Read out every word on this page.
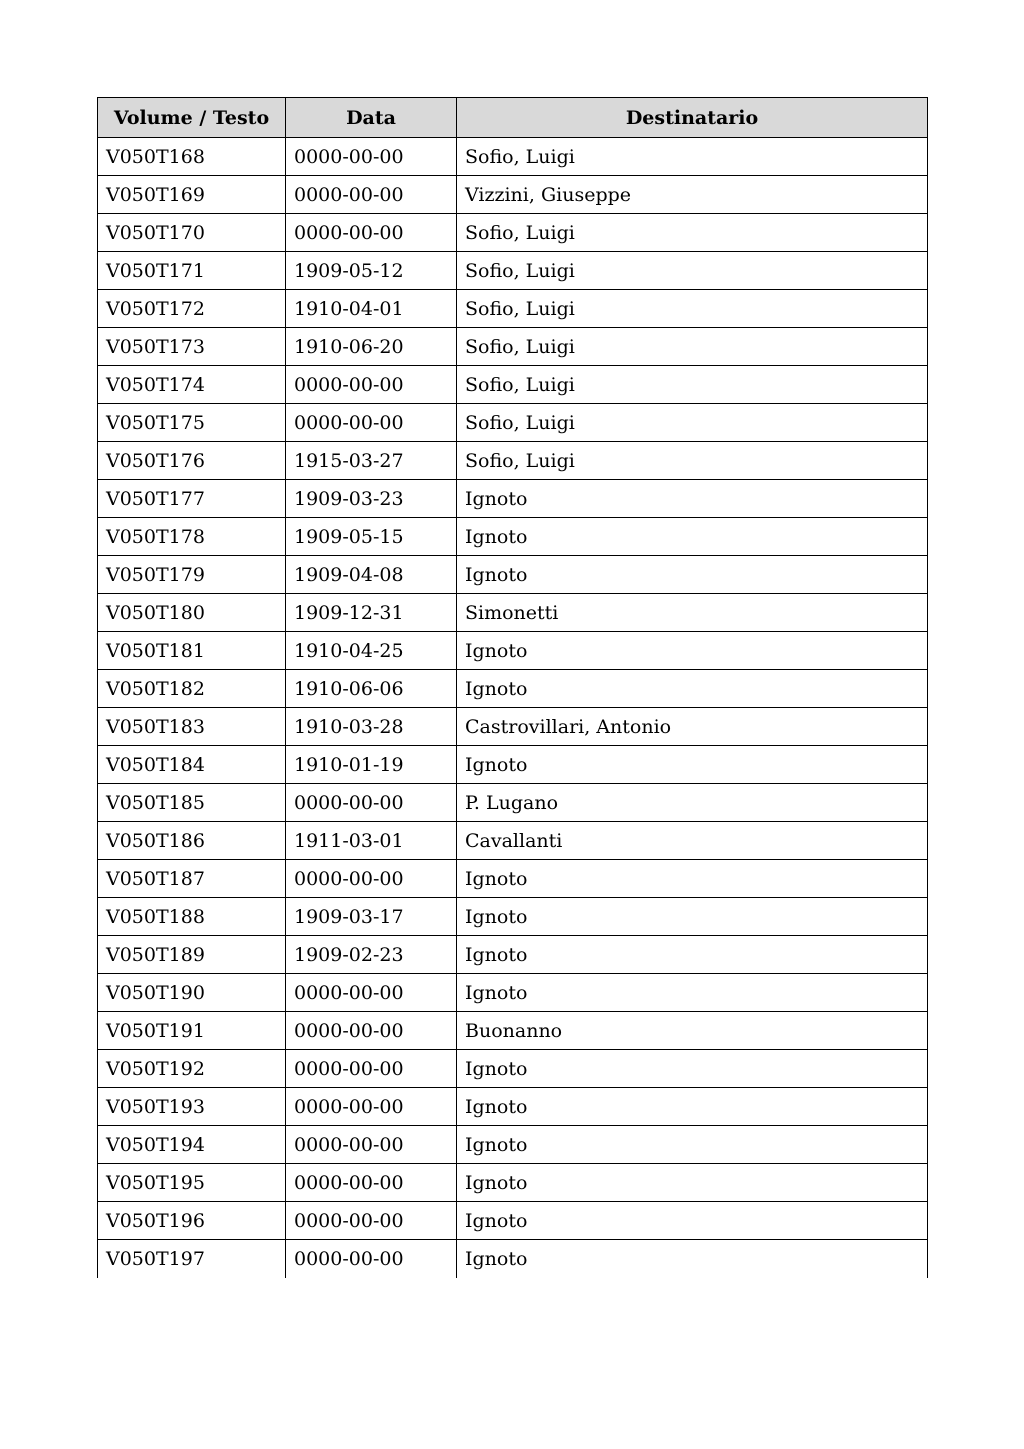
Volume / Testo	Data	Destinatario
V050T168	0000-00-00	Sofio, Luigi
V050T169	0000-00-00	Vizzini, Giuseppe
V050T170	0000-00-00	Sofio, Luigi
V050T171	1909-05-12	Sofio, Luigi
V050T172	1910-04-01	Sofio, Luigi
V050T173	1910-06-20	Sofio, Luigi
V050T174	0000-00-00	Sofio, Luigi
V050T175	0000-00-00	Sofio, Luigi
V050T176	1915-03-27	Sofio, Luigi
V050T177	1909-03-23	Ignoto
V050T178	1909-05-15	Ignoto
V050T179	1909-04-08	Ignoto
V050T180	1909-12-31	Simonetti
V050T181	1910-04-25	Ignoto
V050T182	1910-06-06	Ignoto
V050T183	1910-03-28	Castrovillari, Antonio
V050T184	1910-01-19	Ignoto
V050T185	0000-00-00	P. Lugano
V050T186	1911-03-01	Cavallanti
V050T187	0000-00-00	Ignoto
V050T188	1909-03-17	Ignoto
V050T189	1909-02-23	Ignoto
V050T190	0000-00-00	Ignoto
V050T191	0000-00-00	Buonanno
V050T192	0000-00-00	Ignoto
V050T193	0000-00-00	Ignoto
V050T194	0000-00-00	Ignoto
V050T195	0000-00-00	Ignoto
V050T196	0000-00-00	Ignoto
V050T197	0000-00-00	Ignoto
